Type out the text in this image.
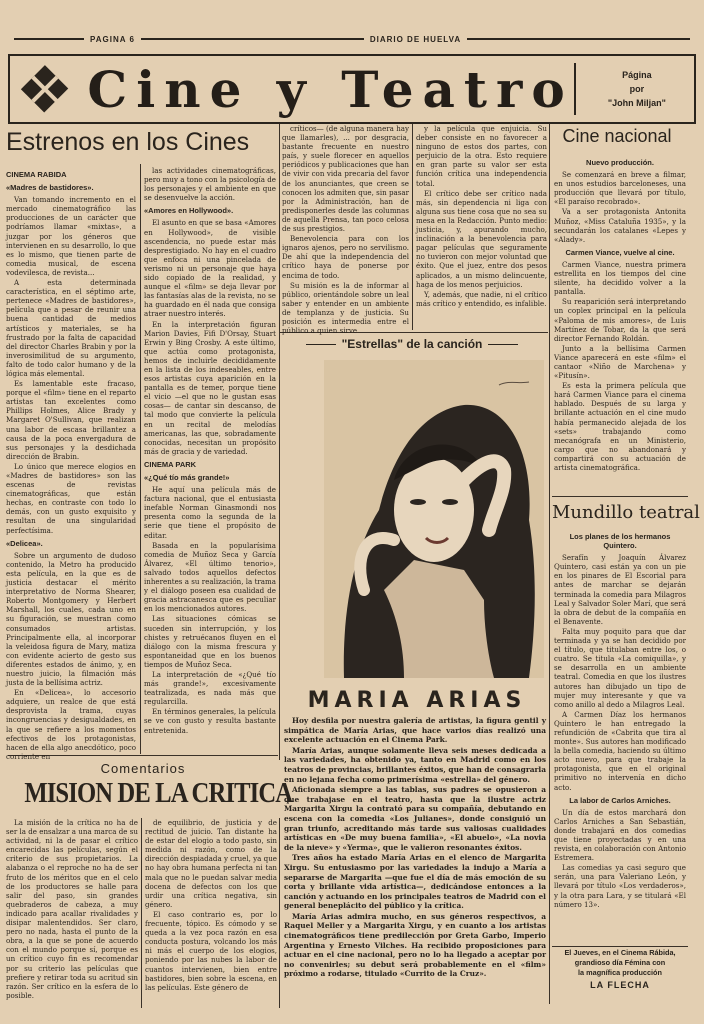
PAGINA 6	DIARIO DE HUELVA
Cine y Teatro	Página
por
"John Miljan"
Estrenos en los Cines
CINEMA RABIDA
«Madres de bastidores».

Van tomando incremento en el mercado cinematográfico las producciones de un carácter que podríamos llamar «mixtas», a juzgar por los géneros que intervienen en su desarrollo, lo que es lo mismo, que tienen parte de comedia musical, de escena vodevilesca, de revista...

A esta determinada característica, en el séptimo arte, pertenece «Madres de bastidores», película que a pesar de reunir una buena cantidad de medios artísticos y materiales, se ha frustrado por la falta de capacidad del director Charles Brabin y por la inverosimilitud de su argumento, falto de todo calor humano y de la lógica más elemental.

Es lamentable este fracaso, porque el «film» tiene en el reparto artistas tan excelentes como Phillips Holmes, Alice Brady y Margaret O'Sullivan, que realizan una labor de escasa brillantez a causa de la poca envergadura de sus personajes y la desdichada dirección de Brabin.

Lo único que merece elogios en «Madres de bastidores» son las escenas de revistas cinematográficas, que están hechas, en contraste con todo lo demás, con un gusto exquisito y resultan de una singularidad perfectísima.

«Delicea».

Sobre un argumento de dudoso contenido, la Metro ha producido esta película, en la que es de justicia destacar el mérito interpretativo de Norma Shearer, Roberto Montgomery y Herbert Marshall, los cuales, cada uno en su figuración, se muestran como consumados artistas. Principalmente ella, al incorporar la veleidosa figura de Mary, matiza con evidente acierto de gesto sus diferentes estados de ánimo, y, en nuestro juicio, la filmación más justa de la bellísima actriz.

En «Delicea», lo accesorio adquiere, un realce de que está desprovista la trama, cuyas incongruencias y desigualdades, en la que se refiere a los momentos efectivos de los protagonistas, hacen de ella algo anecdótico, poco corriente en

las actividades cinematográficas, pero muy a tono con la psicología de los personajes y el ambiente en que se desenvuelve la acción.

«Amores en Hollywood».

El asunto en que se basa «Amores en Hollywood», de visible ascendencia, no puede estar más desprestigiado. No hay en el cuadro que enfoca ni una pincelada de verismo ni un personaje que haya sido copiado de la realidad, y aunque el «film» se deja llevar por las fantasías alas de la revista, no se ha guardado en él nada que consiga atraer nuestro interés.

En la interpretación figuran Marion Davies, Fifi D'Orsay, Stuart Erwin y Bing Crosby. A este último, que actúa como protagonista, hemos de incluirle decididamente en la lista de los indeseables, entre esos artistas cuya aparición en la pantalla es de temer, porque tiene el vicio —el que no le gustan esas cosas— de cantar sin descanso, de tal modo que convierte la película en un recital de melodías americanas, las que, sobradamente conocidas, necesitan un propósito más de gracia y de variedad.

CINEMA PARK
«¿Qué tío más grande!»

He aquí una película más de factura nacional, que el entusiasta inefable Norman Ginasmondi nos presenta como la segunda de la serie que tiene el propósito de editar.

Basada en la popularísima comedia de Muñoz Seca y García Álvarez, «El último tenorio», salvado todos aquellos defectos inherentes a su realización, la trama y el diálogo poseen esa cualidad de gracia astracanesca que es peculiar en los mencionados autores.

Las situaciones cómicas se suceden sin interrupción, y los chistes y retruécanos fluyen en el diálogo con la misma frescura y espontaneidad que en los buenos tiempos de Muñoz Seca.

La interpretación de «¿Qué tío más grande!», excesivamente teatralizada, es nada más que regularcilla.

En términos generales, la película se ve con gusto y resulta bastante entretenida.

críticos— (de alguna manera hay que llamarles), ... por desgracia, bastante frecuente en nuestro país, y suele florecer en aquellos periódicos y publicaciones que han de vivir con vida precaria del favor de los anunciantes, que creen se conocen los admiten que, sin pasar por la Administración, han de predisponerles desde las columnas de aquella Prensa, tan poco celosa de sus prestigios.

Benevolencia para con los ignaros ajenos, pero no servilismo. De ahí que la independencia del crítico haya de ponerse por encima de todo.

Su misión es la de informar al público, orientándole sobre un leal saber y entender en un ambiente de templanza y de justicia. Su posición es intermedia entre el público a quien sirve

y la película que enjuicia. Su deber consiste en no favorecer a ninguno de estos dos partes, con perjuicio de la otra. Esto requiere en gran parte su valor ser esta función crítica una independencia total.

El crítico debe ser crítico nada más, sin dependencia ni liga con alguna sus tiene cosa que no sea su mesa en la Redacción. Punto medio: justicia, y, apurando mucho, inclinación a la benevolencia para pagar películas que seguramente no tuvieron con mejor voluntad que éxito. Que el juez, entre dos pesos aplicados, a un mismo delincuente, haga de los menos perjuicios.

Y, además, que nadie, ni el crítico más crítico y entendido, es infalible.

Cine nacional
Nuevo producción.

Se comenzará en breve a filmar, en unos estudios barceloneses, una producción que llevará por título, «El paraíso recobrado».

Va a ser protagonista Antonita Muñoz, «Miss Cataluña 1935», y la secundarán los catalanes «Lepes y «Alady».

Carmen Viance, vuelve al cine.

Carmen Viance, nuestra primera estrellita en los tiempos del cine silente, ha decidido volver a la pantalla.

Su reaparición será interpretando un coplex principal en la película «Paloma de mis amores», de Luis Martínez de Tobar, da la que será director Fernando Roldán.

Junto a la bellísima Carmen Viance aparecerá en este «film» el cantaor «Niño de Marchena» y «Pitusín».

Es esta la primera película que hará Carmen Viance para el cinema hablado. Después de su larga y brillante actuación en el cine mudo había permanecido alejada de los «sets» trabajando como mecanógrafa en un Ministerio, cargo que no abandonará y compartirá con su actuación de artista cinematográfica.

Mundillo teatral
Los planes de los hermanos Quintero.

Serafín y Joaquín Álvarez Quintero, casi están ya con un pie en los pinares de El Escorial para antes de marchar se dejarán terminada la comedia para Milagros Leal y Salvador Soler Marí, que será la obra de debut de la compañía en el Benavente.

Falta muy poquito para que dar terminada y ya se han decidido por el título, que titulaban entre los, o cuatro. Se titula «La comiquilla», y se desarrolla en un ambiente teatral. Comedia en que los ilustres autores han dibujado un tipo de mujer muy interesante y que va como anillo al dedo a Milagros Leal.

A Carmen Díaz los hermanos Quintero le han entregado la refundición de «Cabrita que tira al monte». Sus autores han modificado la bella comedia, haciendo su último acto nuevo, para que trabaje la protagonista, que en el original primitivo no intervenía en dicho acto.

La labor de Carlos Arniches.

Un día de estos marchará don Carlos Arniches a San Sebastián, donde trabajará en dos comedias que tiene proyectadas y en una revista, en colaboración con Antonio Estremera.

Las comedias ya casi seguro que serán, una para Valeriano León, y llevará por título «Los verdaderos», y la otra para Lara, y se titulará «El número 13».

"Estrellas" de la canción
MARIA ARIAS

Hoy desfila por nuestra galería de artistas, la figura gentil y simpática de María Arias, que hace varios días realizó una excelente actuación en el Cinema Park.

María Arias, aunque solamente lleva seis meses dedicada a las variedades, ha obtenido ya, tanto en Madrid como en los teatros de provincias, brillantes éxitos, que han de consagrarla en no lejana fecha como primerísima «estrella» del género.

Aficionada siempre a las tablas, sus padres se opusieron a que trabajase en el teatro, hasta que la ilustre actriz Margarita Xirgu la contrató para su compañía, debutando en escena con la comedia «Los Julianes», donde consiguió un gran triunfo, acreditando más tarde sus valiosas cualidades artísticas en «De muy buena familia», «El abuelo», «La novia de la nieve» y «Yerma», que le valieron resonantes éxitos.

Tres años ha estado María Arias en el elenco de Margarita Xirgu. Su entusiasmo por las variedades la indujo a María a separarse de Margarita —que fue el día de más emoción de su corta y brillante vida artística—, dedicándose entonces a la canción y actuando en los principales teatros de Madrid con el general beneplácito del público y la crítica.

María Arias admira mucho, en sus géneros respectivos, a Raquel Meller y a Margarita Xirgu, y en cuanto a los artistas cinematográficos tiene predilección por Greta Garbo, Imperio Argentina y Ernesto Vilches. Ha recibido proposiciones para actuar en el cine nacional, pero no lo ha llegado a aceptar por no convenirles; su debut será probablemente en el «film» próximo a rodarse, titulado «Currito de la Cruz».

Comentarios
MISION DE LA CRITICA

La misión de la crítica no ha de ser la de ensalzar a una marca de su actividad, ni la de pasar el crítico encarecidas las películas, según el criterio de sus propietarios. La alabanza o el reproche no ha de ser fruto de los méritos que en el celo de los productores se halle para salir del paso, sin grandes quebraderos de cabeza, a muy indicado para acallar rivalidades y disipar malentendidos. Ser claro, pero no nada, hasta el punto de la obra, a la que se pone de acuerdo con el mundo porque sí, porque es un crítico cuyo fin es recomendar por su criterio las películas que prefiere y retirar toda su acritud sin razón. Ser crítico en la esfera de lo posible.

de equilibrio, de justicia y de rectitud de juicio. Tan distante ha de estar del elogio a todo pasto, sin medida ni razón, como de la dirección despiadada y cruel, ya que no hay obra humana perfecta ni tan mala que no le puedan salvar media docena de defectos con los que urdir una crítica negativa, sin género.

El caso contrario es, por lo frecuente, tópico. Es cómodo y se queda a la vez poca razón en esa conducta postura, volcando los más ni más el cuerpo de los elogios, poniendo por las nubes la labor de cuantos intervienen, bien entre bastidores, bien sobre la escena, en las películas. Este género de

El Jueves, en el Cinema Rábida, grandioso día Fémina con
la magnífica producción
LA FLECHA
